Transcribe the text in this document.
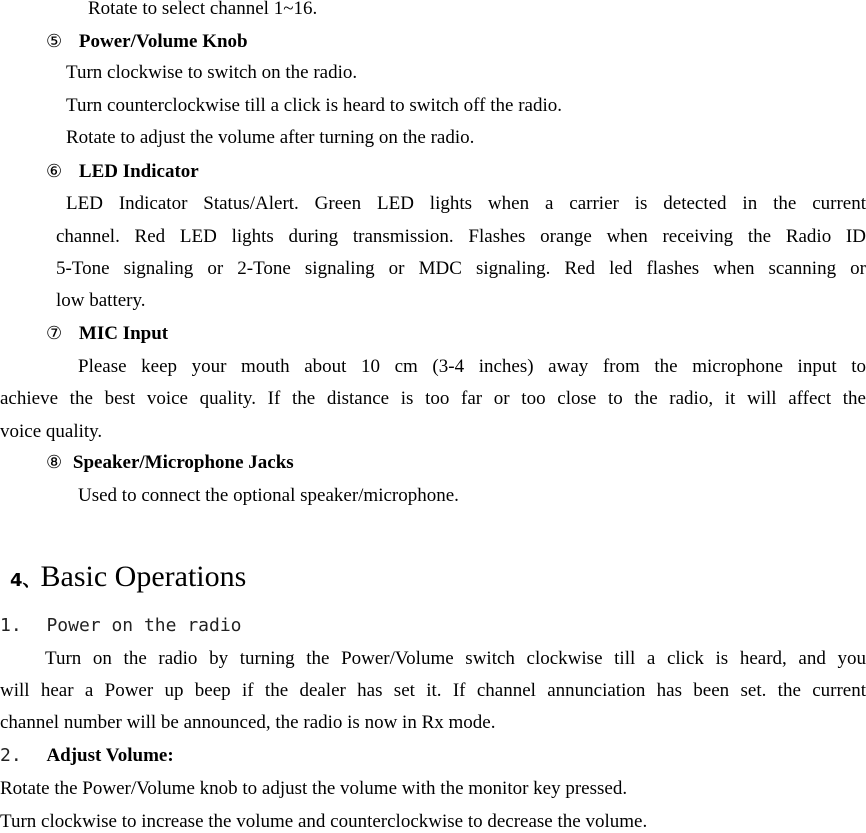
Rotate to select channel 1~16.
⑤ Power/Volume Knob
Turn clockwise to switch on the radio.
Turn counterclockwise till a click is heard to switch off the radio.
Rotate to adjust the volume after turning on the radio.
⑥ LED Indicator
LED Indicator Status/Alert. Green LED lights when a carrier is detected in the current
channel. Red LED lights during transmission. Flashes orange when receiving the Radio ID
5-Tone signaling or 2-Tone signaling or MDC signaling. Red led flashes when scanning or
low battery.
⑦ MIC Input
Please keep your mouth about 10 cm (3-4 inches) away from the microphone input to
achieve the best voice quality. If the distance is too far or too close to the radio, it will affect the
voice quality.
⑧ Speaker/Microphone Jacks
Used to connect the optional speaker/microphone.
4、Basic Operations
1. Power on the radio
Turn on the radio by turning the Power/Volume switch clockwise till a click is heard, and you
will hear a Power up beep if the dealer has set it. If channel annunciation has been set. the current
channel number will be announced, the radio is now in Rx mode.
2. Adjust Volume:
Rotate the Power/Volume knob to adjust the volume with the monitor key pressed.
Turn clockwise to increase the volume and counterclockwise to decrease the volume.
